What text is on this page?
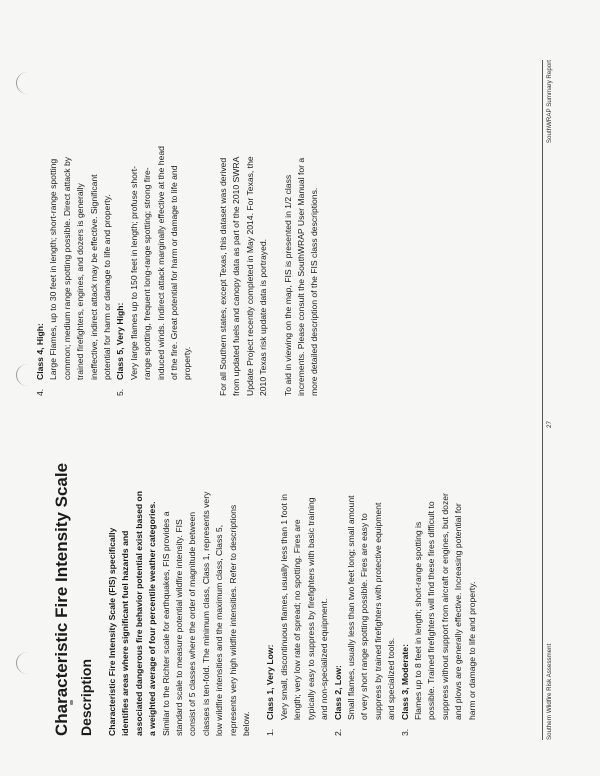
Characteristic Fire Intensity Scale Description Characteristic Fire Intensity Scale (FIS) specifically identifies areas where significant fuel hazards and associated dangerous fire behavior potential exist based on a weighted average of four percentile weather categories. Similar to the Richter scale for earthquakes, FIS provides a standard scale to measure potential wildfire intensity. FIS consist of 5 classes where the order of magnitude between classes is ten-fold. The minimum class, Class 1, represents very low wildfire intensities and the maximum class, Class 5, represents very high wildfire intensities. Refer to descriptions below. 1.
Class 1, Very Low: Very small, discontinuous flames, usually less than 1 foot in length; very low rate of spread; no spotting. Fires are typically easy to suppress by firefighters with basic training and non-specialized equipment.
2.
Class 2, Low: Small flames, usually less than two feet long; small amount of very short range spotting possible. Fires are easy to suppress by trained firefighters with protective equipment and specialized tools.
3.
Class 3, Moderate: Flames up to 8 feet in length; short-range spotting is possible. Trained firefighters will find these fires difficult to suppress without support from aircraft or engines, but dozer and plows are generally effective. Increasing potential for harm or damage to life and property.
4.
Class 4, High: Large Flames, up to 30 feet in length; short-range spotting common; medium range spotting possible. Direct attack by trained firefighters, engines, and dozers is generally ineffective, indirect attack may be effective. Significant potential for harm or damage to life and property.
5.
Class 5, Very High: Very large flames up to 150 feet in length; profuse short-range spotting, frequent long-range spotting; strong fire-induced winds. Indirect attack marginally effective at the head of the fire. Great potential for harm or damage to life and property.	For all Southern states, except Texas, this dataset was derived from updated fuels and canopy data as part of the 2010 SWRA Update Project recently completed in May 2014. For Texas, the 2010 Texas risk update data is portrayed. To aid in viewing on the map, FIS is presented in 1/2 class increments. Please consult the SouthWRAP User Manual for a more detailed description of the FIS class descriptions.

Southern Wildfire Risk Assessment
27
SouthWRAP Summary Report
